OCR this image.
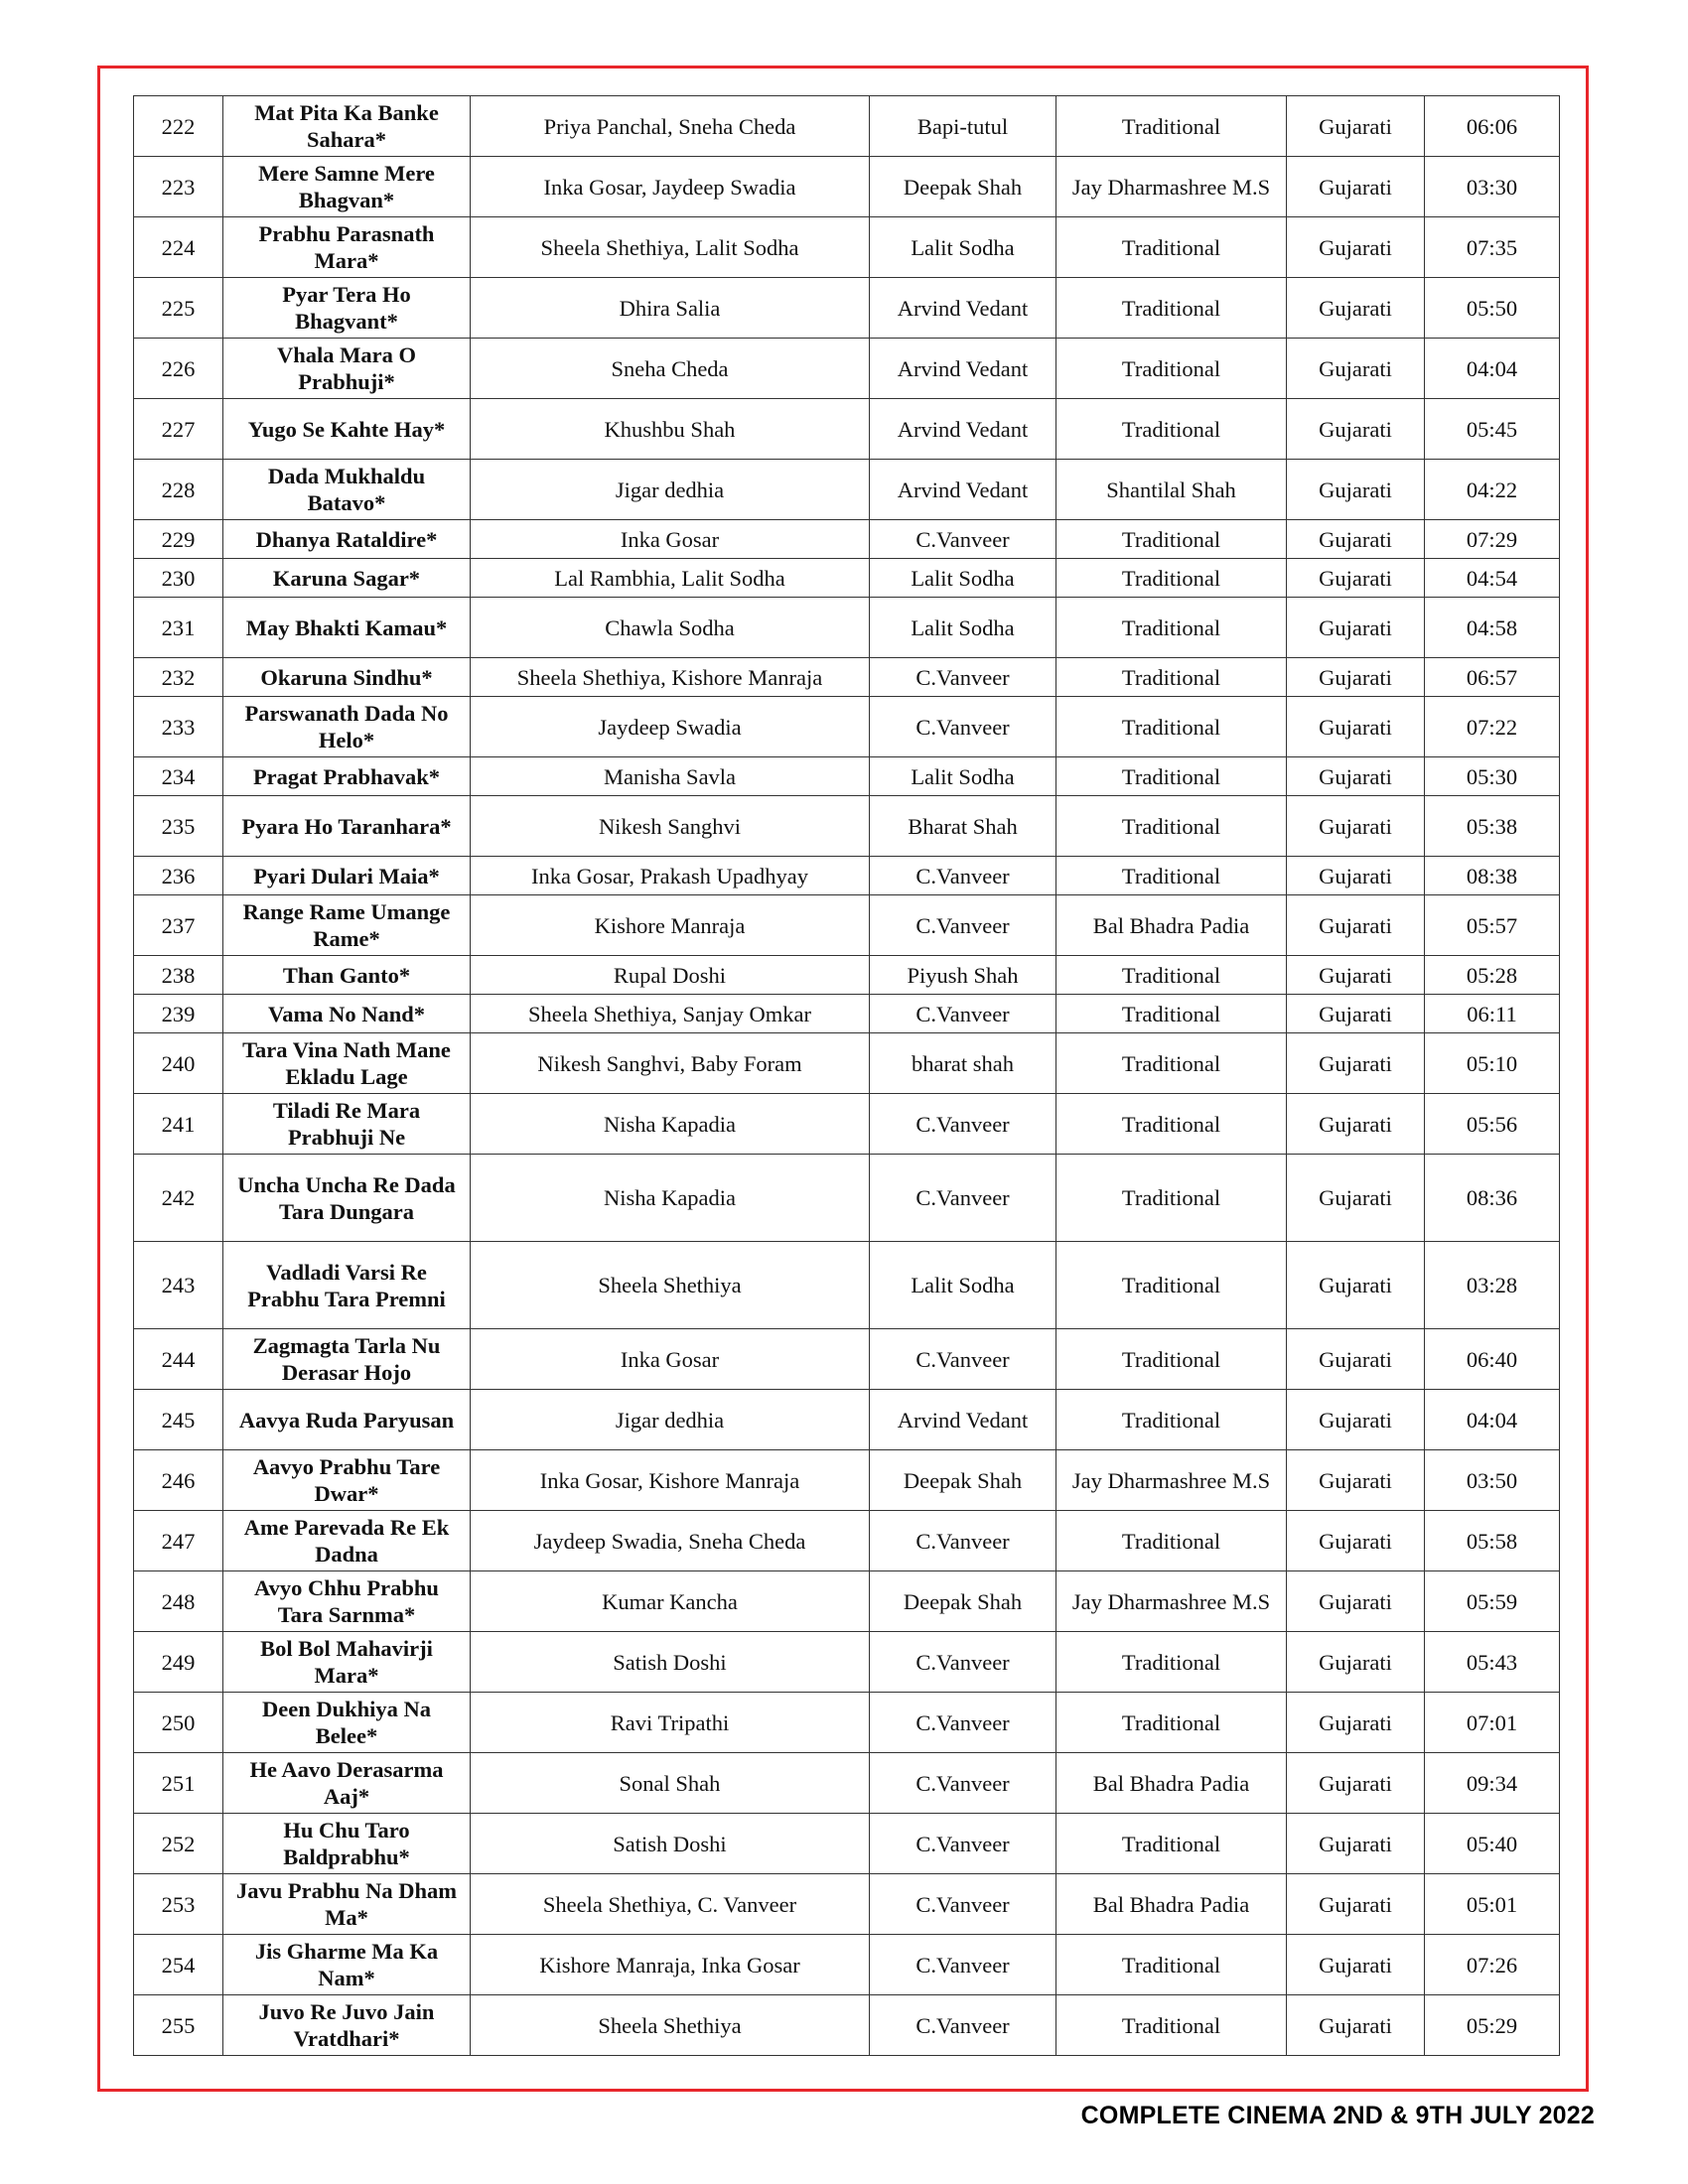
222	Mat Pita Ka Banke Sahara*	Priya Panchal, Sneha Cheda	Bapi-tutul	Traditional	Gujarati	06:06
223	Mere Samne Mere Bhagvan*	Inka Gosar, Jaydeep Swadia	Deepak Shah	Jay Dharmashree M.S	Gujarati	03:30
224	Prabhu Parasnath Mara*	Sheela Shethiya, Lalit Sodha	Lalit Sodha	Traditional	Gujarati	07:35
225	Pyar Tera Ho Bhagvant*	Dhira Salia	Arvind Vedant	Traditional	Gujarati	05:50
226	Vhala Mara O Prabhuji*	Sneha Cheda	Arvind Vedant	Traditional	Gujarati	04:04
227	Yugo Se Kahte Hay*	Khushbu Shah	Arvind Vedant	Traditional	Gujarati	05:45
228	Dada Mukhaldu Batavo*	Jigar dedhia	Arvind Vedant	Shantilal Shah	Gujarati	04:22
229	Dhanya Rataldire*	Inka Gosar	C.Vanveer	Traditional	Gujarati	07:29
230	Karuna Sagar*	Lal Rambhia, Lalit Sodha	Lalit Sodha	Traditional	Gujarati	04:54
231	May Bhakti Kamau*	Chawla Sodha	Lalit Sodha	Traditional	Gujarati	04:58
232	Okaruna Sindhu*	Sheela Shethiya, Kishore Manraja	C.Vanveer	Traditional	Gujarati	06:57
233	Parswanath Dada No Helo*	Jaydeep Swadia	C.Vanveer	Traditional	Gujarati	07:22
234	Pragat Prabhavak*	Manisha Savla	Lalit Sodha	Traditional	Gujarati	05:30
235	Pyara Ho Taranhara*	Nikesh Sanghvi	Bharat Shah	Traditional	Gujarati	05:38
236	Pyari Dulari Maia*	Inka Gosar, Prakash Upadhyay	C.Vanveer	Traditional	Gujarati	08:38
237	Range Rame Umange Rame*	Kishore Manraja	C.Vanveer	Bal Bhadra Padia	Gujarati	05:57
238	Than Ganto*	Rupal Doshi	Piyush Shah	Traditional	Gujarati	05:28
239	Vama No Nand*	Sheela Shethiya, Sanjay Omkar	C.Vanveer	Traditional	Gujarati	06:11
240	Tara Vina Nath Mane Ekladu Lage	Nikesh Sanghvi, Baby Foram	bharat shah	Traditional	Gujarati	05:10
241	Tiladi Re Mara Prabhuji Ne	Nisha Kapadia	C.Vanveer	Traditional	Gujarati	05:56
242	Uncha Uncha Re Dada Tara Dungara	Nisha Kapadia	C.Vanveer	Traditional	Gujarati	08:36
243	Vadladi Varsi Re Prabhu Tara Premni	Sheela Shethiya	Lalit Sodha	Traditional	Gujarati	03:28
244	Zagmagta Tarla Nu Derasar Hojo	Inka Gosar	C.Vanveer	Traditional	Gujarati	06:40
245	Aavya Ruda Paryusan	Jigar dedhia	Arvind Vedant	Traditional	Gujarati	04:04
246	Aavyo Prabhu Tare Dwar*	Inka Gosar, Kishore Manraja	Deepak Shah	Jay Dharmashree M.S	Gujarati	03:50
247	Ame Parevada Re Ek Dadna	Jaydeep Swadia, Sneha Cheda	C.Vanveer	Traditional	Gujarati	05:58
248	Avyo Chhu Prabhu Tara Sarnma*	Kumar Kancha	Deepak Shah	Jay Dharmashree M.S	Gujarati	05:59
249	Bol Bol Mahavirji Mara*	Satish Doshi	C.Vanveer	Traditional	Gujarati	05:43
250	Deen Dukhiya Na Belee*	Ravi Tripathi	C.Vanveer	Traditional	Gujarati	07:01
251	He Aavo Derasarma Aaj*	Sonal Shah	C.Vanveer	Bal Bhadra Padia	Gujarati	09:34
252	Hu Chu Taro Baldprabhu*	Satish Doshi	C.Vanveer	Traditional	Gujarati	05:40
253	Javu Prabhu Na Dham Ma*	Sheela Shethiya, C. Vanveer	C.Vanveer	Bal Bhadra Padia	Gujarati	05:01
254	Jis Gharme Ma Ka Nam*	Kishore Manraja, Inka Gosar	C.Vanveer	Traditional	Gujarati	07:26
255	Juvo Re Juvo Jain Vratdhari*	Sheela Shethiya	C.Vanveer	Traditional	Gujarati	05:29
COMPLETE CINEMA 2ND & 9TH JULY 2022
